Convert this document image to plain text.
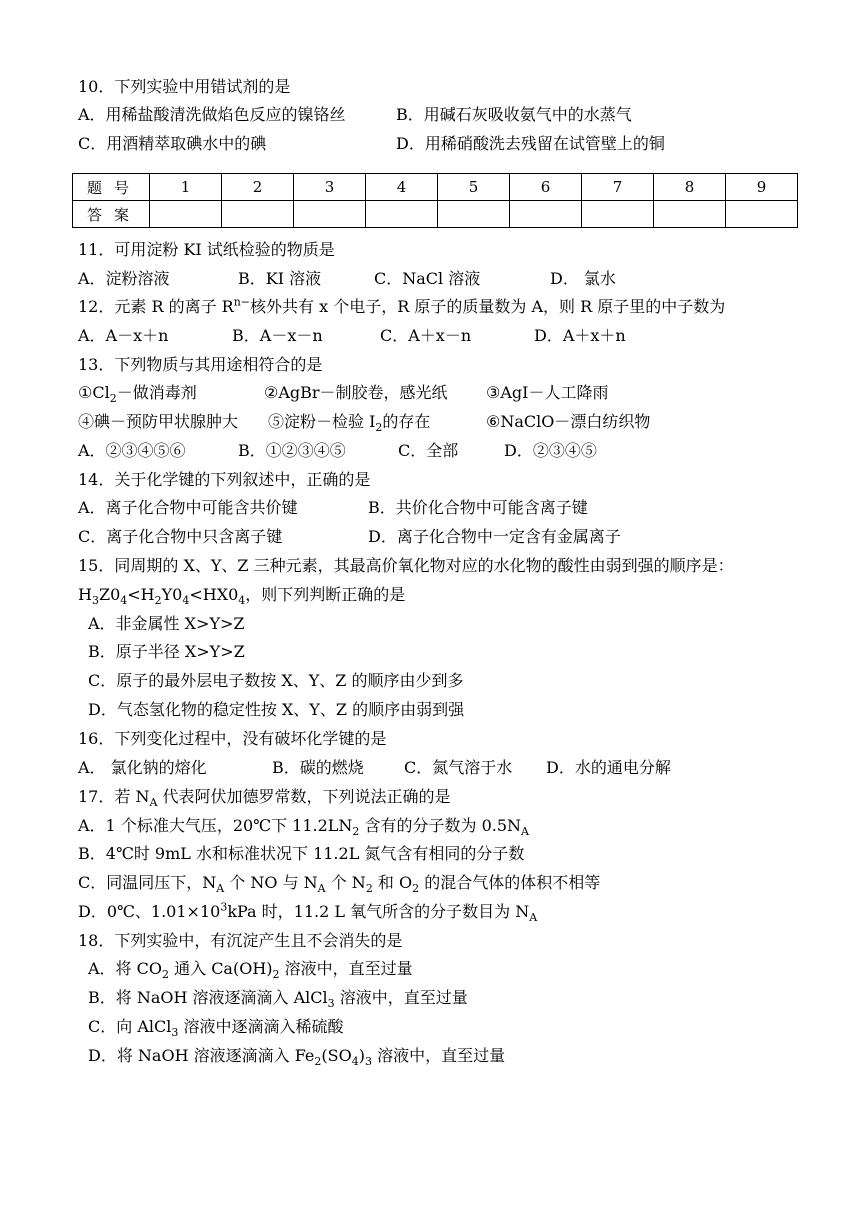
10．下列实验中用错试剂的是
A．用稀盐酸清洗做焰色反应的镍铬丝	B．用碱石灰吸收氨气中的水蒸气
C．用酒精萃取碘水中的碘	D．用稀硝酸洗去残留在试管壁上的铜
题号	1	2	3	4	5	6	7	8	9
答案									
11．可用淀粉 KI 试纸检验的物质是
A．淀粉溶液	B．KI 溶液	C．NaCl 溶液	D． 氯水
12．元素 R 的离子 $R^{n-}$核外共有 x 个电子，R 原子的质量数为 A，则 R 原子里的中子数为
A．A－x＋n	B．A－x－n	C．A＋x－n	D．A＋x＋n
13．下列物质与其用途相符合的是
$①Cl_2-$做消毒剂	②AgBr－制胶卷，感光纸 ③AgI－人工降雨
④碘－预防甲状腺肿大 ⑤淀粉－检验 $I_2$的存在	⑥NaClO－漂白纺织物
A．②③④⑤⑥	B．①②③④⑤	C．全部	D．②③④⑤
14．关于化学键的下列叙述中，正确的是
A．离子化合物中可能含共价键	B．共价化合物中可能含离子键
C．离子化合物中只含离子键	D．离子化合物中一定含有金属离子
15．同周期的 X、Y、Z 三种元素，其最高价氧化物对应的水化物的酸性由弱到强的顺序是：
$H_3Z0_4<H_2Y0_4<HX0_4$，则下列判断正确的是
A．非金属性 X>Y>Z
B．原子半径 X>Y>Z
C．原子的最外层电子数按 X、Y、Z 的顺序由少到多
D．气态氢化物的稳定性按 X、Y、Z 的顺序由弱到强
16．下列变化过程中，没有破坏化学键的是
A． 氯化钠的熔化	B．碳的燃烧	C．氮气溶于水 D．水的通电分解
17．若 $N_A$ 代表阿伏加德罗常数，下列说法正确的是
A．1 个标准大气压，20℃下 $11.2LN_2$ 含有的分子数为 $0.5N_A$
B．4℃时 9mL 水和标准状况下 11.2L 氮气含有相同的分子数
C．同温同压下，$N_A$ 个 NO 与 $N_A$ 个 $N_2$ 和 $O_2$ 的混合气体的体积不相等
D．0℃、$1.01\times 10^3kPa$ 时，11.2 L 氧气所含的分子数目为 $N_A$
18．下列实验中，有沉淀产生且不会消失的是
A．将 $CO_2$ 通入 $Ca(OH)_2$ 溶液中，直至过量
B．将 NaOH 溶液逐滴滴入 AlCl$_3$ 溶液中，直至过量
C．向 AlCl$_3$ 溶液中逐滴滴入稀硫酸
D．将 NaOH 溶液逐滴滴入 $Fe_2(SO_4)_3$ 溶液中，直至过量
